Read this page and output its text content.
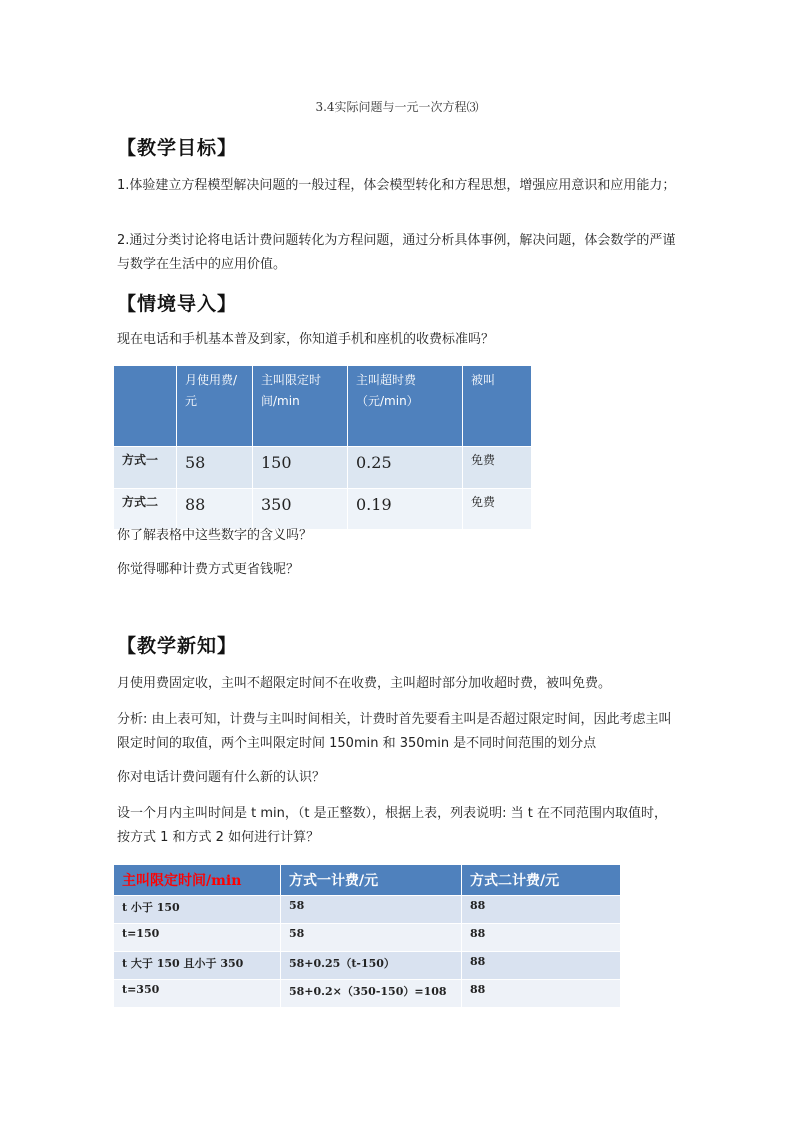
3.4实际问题与一元一次方程⑶
【教学目标】
1.体验建立方程模型解决问题的一般过程，体会模型转化和方程思想，增强应用意识和应用能力；
2.通过分类讨论将电话计费问题转化为方程问题，通过分析具体事例，解决问题，体会数学的严谨与数学在生活中的应用价值。
【情境导入】
现在电话和手机基本普及到家，你知道手机和座机的收费标准吗？
	月使用费/元	主叫限定时间/min	主叫超时费（元/min）	被叫
方式一	58	150	0.25	免费
方式二	88	350	0.19	免费
你了解表格中这些数字的含义吗？
你觉得哪种计费方式更省钱呢？
【教学新知】
月使用费固定收，主叫不超限定时间不在收费，主叫超时部分加收超时费，被叫免费。
分析: 由上表可知，计费与主叫时间相关，计费时首先要看主叫是否超过限定时间，因此考虑主叫限定时间的取值，两个主叫限定时间 150min 和 350min 是不同时间范围的划分点
你对电话计费问题有什么新的认识？
设一个月内主叫时间是 t min，（t 是正整数），根据上表，列表说明: 当 t 在不同范围内取值时，按方式 1 和方式 2 如何进行计算？
主叫限定时间/min	方式一计费/元	方式二计费/元
t 小于 150	58	88
t=150	58	88
t 大于 150 且小于 350	58+0.25（t-150）	88
t=350	58+0.2×（350-150）=108	88
